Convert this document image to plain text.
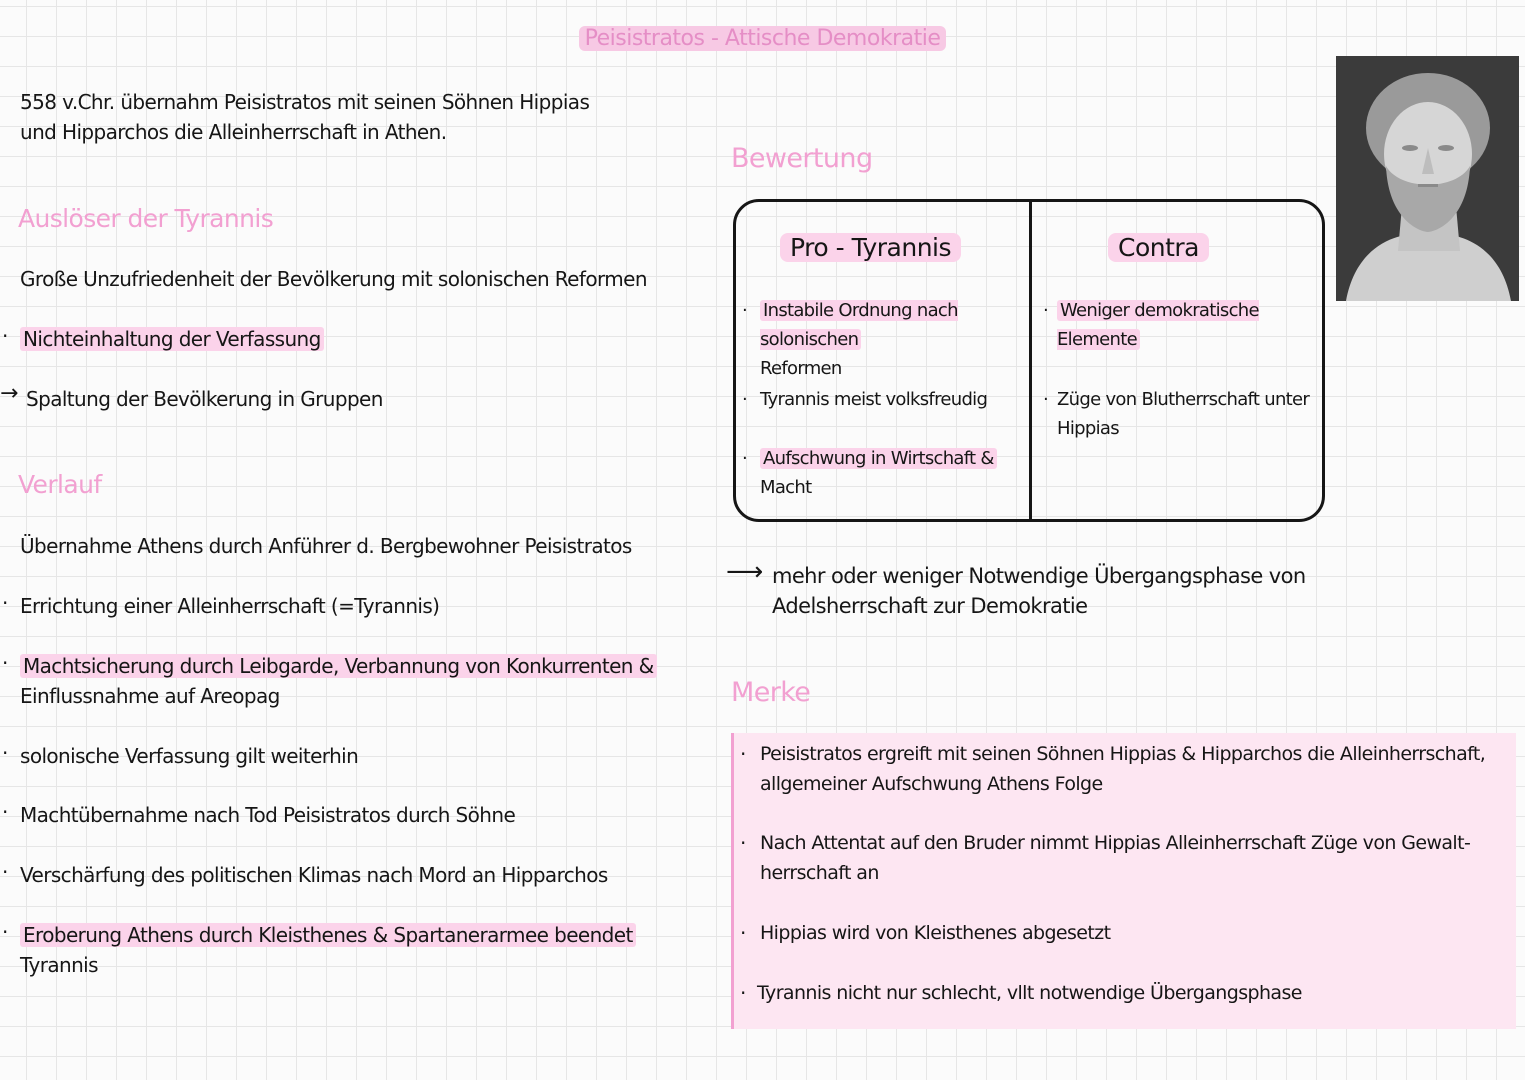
Peisistratos - Attische Demokratie
558 v.Chr. übernahm Peisistratos mit seinen Söhnen Hippias
und Hipparchos die Alleinherrschaft in Athen.
Auslöser der Tyrannis
Große Unzufriedenheit der Bevölkerung mit solonischen Reformen
· Nichteinhaltung der Verfassung
→ Spaltung der Bevölkerung in Gruppen
Verlauf
Übernahme Athens durch Anführer d. Bergbewohner Peisistratos
· Errichtung einer Alleinherrschaft (=Tyrannis)
· Machtsicherung durch Leibgarde, Verbannung von Konkurrenten &
Einflussnahme auf Areopag
· solonische Verfassung gilt weiterhin
· Machtübernahme nach Tod Peisistratos durch Söhne
· Verschärfung des politischen Klimas nach Mord an Hipparchos
· Eroberung Athens durch Kleisthenes & Spartanerarmee beendet
Tyrannis
Bewertung
Pro - Tyrannis	Contra
· Instabile Ordnung nach solonischen
Reformen
· Tyrannis meist volksfreudig
· Aufschwung in Wirtschaft &
Macht
· Weniger demokratische Elemente
· Züge von Blutherrschaft unter
Hippias
⟶ mehr oder weniger Notwendige Übergangsphase von
Adelsherrschaft zur Demokratie
Merke
· Peisistratos ergreift mit seinen Söhnen Hippias & Hipparchos die Alleinherrschaft,
allgemeiner Aufschwung Athens Folge
· Nach Attentat auf den Bruder nimmt Hippias Alleinherrschaft Züge von Gewalt-
herrschaft an
· Hippias wird von Kleisthenes abgesetzt
· Tyrannis nicht nur schlecht, vllt notwendige Übergangsphase
